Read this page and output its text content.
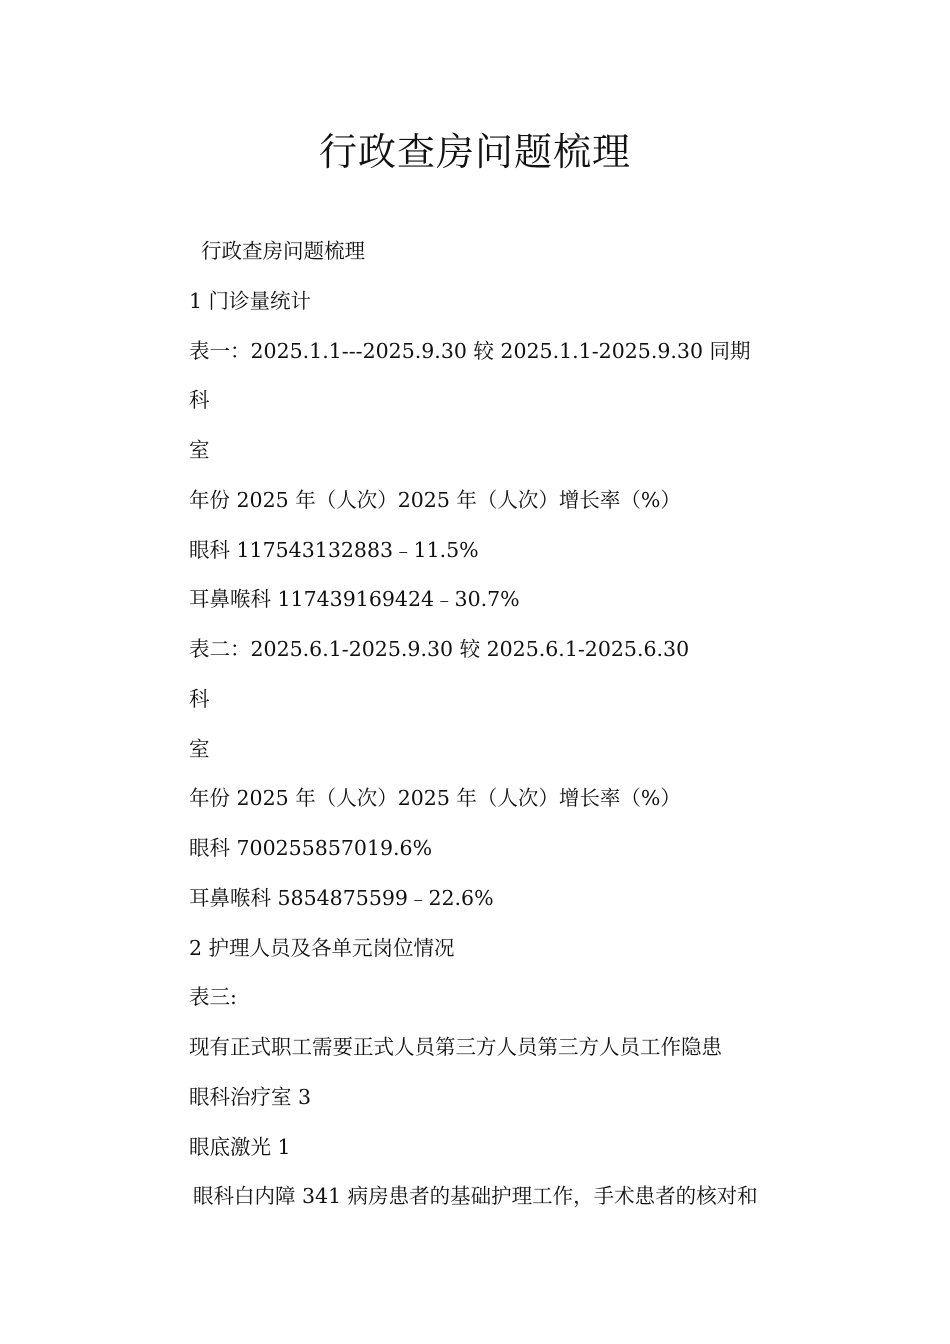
行政查房问题梳理
行政查房问题梳理
1 门诊量统计
表一：2025.1.1---2025.9.30 较 2025.1.1-2025.9.30 同期
科
室
年份 2025 年（人次）2025 年（人次）增长率（%）
眼科 117543132883﹣11.5%
耳鼻喉科 117439169424﹣30.7%
表二：2025.6.1-2025.9.30 较 2025.6.1-2025.6.30
科
室
年份 2025 年（人次）2025 年（人次）增长率（%）
眼科 700255857019.6%
耳鼻喉科 5854875599﹣22.6%
2 护理人员及各单元岗位情况
表三:
现有正式职工需要正式人员第三方人员第三方人员工作隐患
眼科治疗室 3
眼底激光 1
眼科白内障 341 病房患者的基础护理工作，手术患者的核对和
